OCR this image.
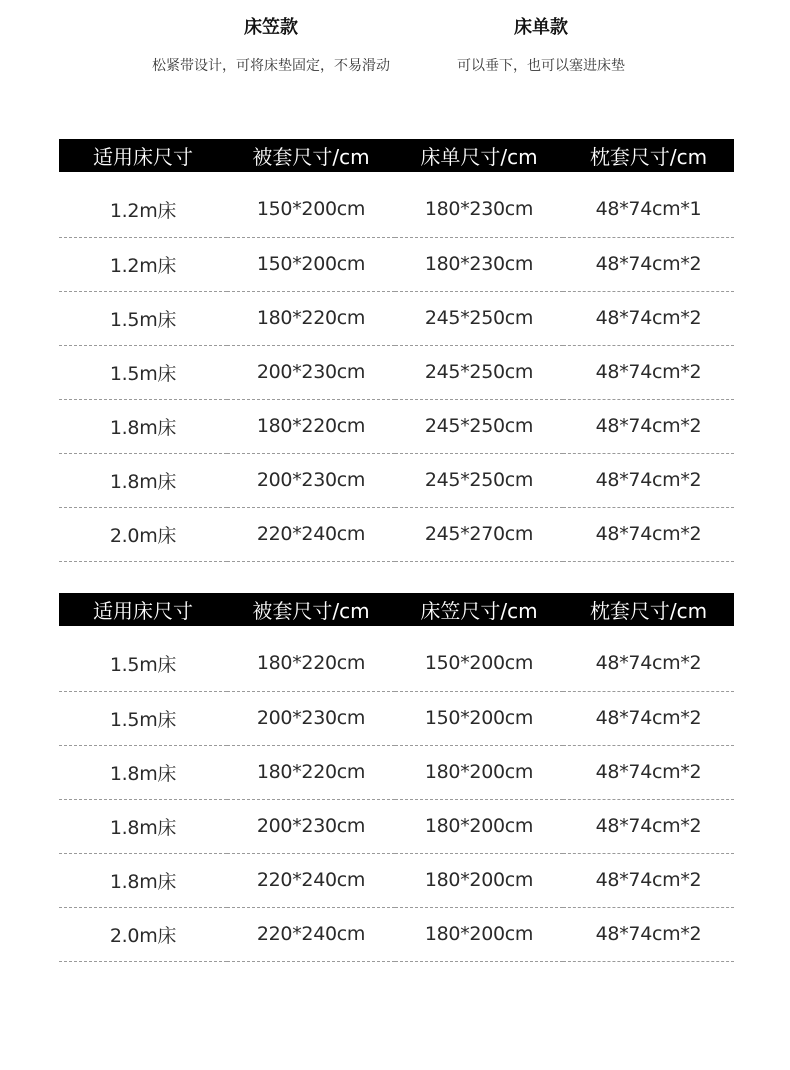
床笠款
松紧带设计，可将床垫固定，不易滑动
床单款
可以垂下，也可以塞进床垫
适用床尺寸	被套尺寸/cm	床单尺寸/cm	枕套尺寸/cm
1.2m床	150*200cm	180*230cm	48*74cm*1
1.2m床	150*200cm	180*230cm	48*74cm*2
1.5m床	180*220cm	245*250cm	48*74cm*2
1.5m床	200*230cm	245*250cm	48*74cm*2
1.8m床	180*220cm	245*250cm	48*74cm*2
1.8m床	200*230cm	245*250cm	48*74cm*2
2.0m床	220*240cm	245*270cm	48*74cm*2
适用床尺寸	被套尺寸/cm	床笠尺寸/cm	枕套尺寸/cm
1.5m床	180*220cm	150*200cm	48*74cm*2
1.5m床	200*230cm	150*200cm	48*74cm*2
1.8m床	180*220cm	180*200cm	48*74cm*2
1.8m床	200*230cm	180*200cm	48*74cm*2
1.8m床	220*240cm	180*200cm	48*74cm*2
2.0m床	220*240cm	180*200cm	48*74cm*2
